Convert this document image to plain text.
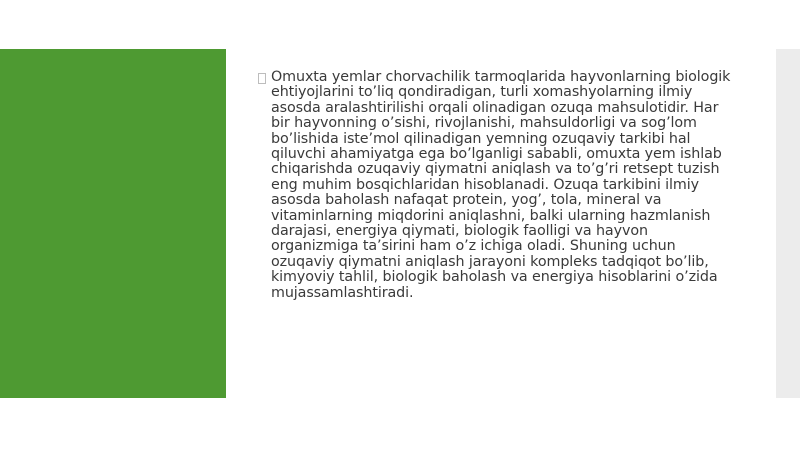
Omuxta yemlar chorvachilik tarmoqlarida hayvonlarning biologik ehtiyojlarini to’liq qondiradigan, turli xomashyolarning ilmiy asosda aralashtirilishi orqali olinadigan ozuqa mahsulotidir. Har bir hayvonning o’sishi, rivojlanishi, mahsuldorligi va sog’lom bo’lishida iste’mol qilinadigan yemning ozuqaviy tarkibi hal qiluvchi ahamiyatga ega bo’lganligi sababli, omuxta yem ishlab chiqarishda ozuqaviy qiymatni aniqlash va to’g’ri retsept tuzish eng muhim bosqichlaridan hisoblanadi. Ozuqa tarkibini ilmiy asosda baholash nafaqat protein, yog’, tola, mineral va vitaminlarning miqdorini aniqlashni, balki ularning hazmlanish darajasi, energiya qiymati, biologik faolligi va hayvon organizmiga ta’sirini ham o’z ichiga oladi. Shuning uchun ozuqaviy qiymatni aniqlash jarayoni kompleks tadqiqot bo’lib, kimyoviy tahlil, biologik baholash va energiya hisoblarini o’zida mujassamlashtiradi.
